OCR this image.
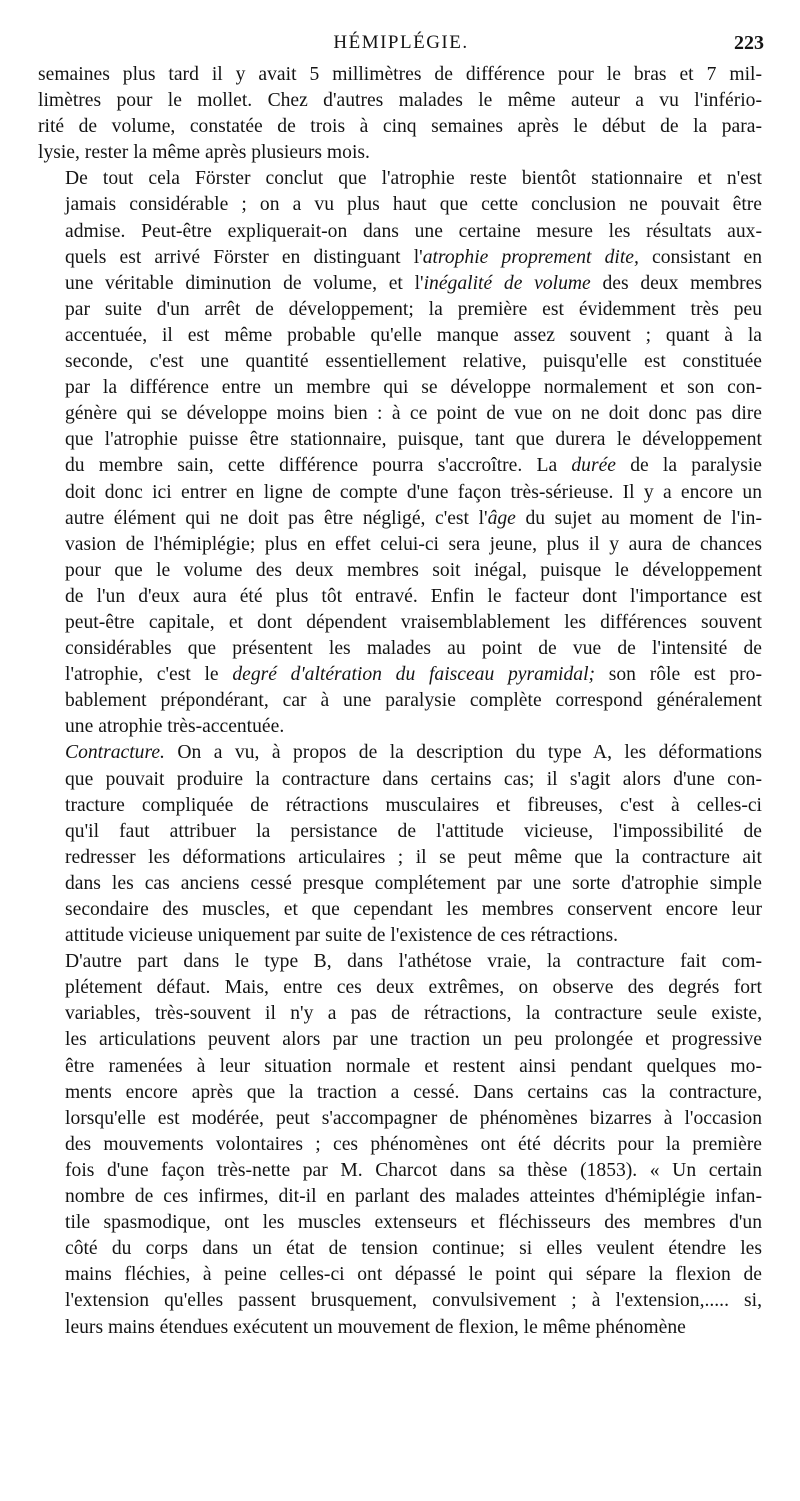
HÉMIPLÉGIE.	223

semaines plus tard il y avait 5 millimètres de différence pour le bras et 7 mil-
limètres pour le mollet. Chez d'autres malades le même auteur a vu l'infério-
rité de volume, constatée de trois à cinq semaines après le début de la para-
lysie, rester la même après plusieurs mois.

De tout cela Förster conclut que l'atrophie reste bientôt stationnaire et n'est
jamais considérable ; on a vu plus haut que cette conclusion ne pouvait être
admise. Peut-être expliquerait-on dans une certaine mesure les résultats aux-
quels est arrivé Förster en distinguant l'atrophie proprement dite, consistant en
une véritable diminution de volume, et l'inégalité de volume des deux membres
par suite d'un arrêt de développement; la première est évidemment très peu
accentuée, il est même probable qu'elle manque assez souvent ; quant à la
seconde, c'est une quantité essentiellement relative, puisqu'elle est constituée
par la différence entre un membre qui se développe normalement et son con-
génère qui se développe moins bien : à ce point de vue on ne doit donc pas dire
que l'atrophie puisse être stationnaire, puisque, tant que durera le développement
du membre sain, cette différence pourra s'accroître. La durée de la paralysie
doit donc ici entrer en ligne de compte d'une façon très-sérieuse. Il y a encore un
autre élément qui ne doit pas être négligé, c'est l'âge du sujet au moment de l'in-
vasion de l'hémiplégie; plus en effet celui-ci sera jeune, plus il y aura de chances
pour que le volume des deux membres soit inégal, puisque le développement
de l'un d'eux aura été plus tôt entravé. Enfin le facteur dont l'importance est
peut-être capitale, et dont dépendent vraisemblablement les différences souvent
considérables que présentent les malades au point de vue de l'intensité de
l'atrophie, c'est le degré d'altération du faisceau pyramidal; son rôle est pro-
bablement prépondérant, car à une paralysie complète correspond généralement
une atrophie très-accentuée.

Contracture. On a vu, à propos de la description du type A, les déformations
que pouvait produire la contracture dans certains cas; il s'agit alors d'une con-
tracture compliquée de rétractions musculaires et fibreuses, c'est à celles-ci
qu'il faut attribuer la persistance de l'attitude vicieuse, l'impossibilité de
redresser les déformations articulaires ; il se peut même que la contracture ait
dans les cas anciens cessé presque complétement par une sorte d'atrophie simple
secondaire des muscles, et que cependant les membres conservent encore leur
attitude vicieuse uniquement par suite de l'existence de ces rétractions.

D'autre part dans le type B, dans l'athétose vraie, la contracture fait com-
plétement défaut. Mais, entre ces deux extrêmes, on observe des degrés fort
variables, très-souvent il n'y a pas de rétractions, la contracture seule existe,
les articulations peuvent alors par une traction un peu prolongée et progressive
être ramenées à leur situation normale et restent ainsi pendant quelques mo-
ments encore après que la traction a cessé. Dans certains cas la contracture,
lorsqu'elle est modérée, peut s'accompagner de phénomènes bizarres à l'occasion
des mouvements volontaires ; ces phénomènes ont été décrits pour la première
fois d'une façon très-nette par M. Charcot dans sa thèse (1853). « Un certain
nombre de ces infirmes, dit-il en parlant des malades atteintes d'hémiplégie infan-
tile spasmodique, ont les muscles extenseurs et fléchisseurs des membres d'un
côté du corps dans un état de tension continue; si elles veulent étendre les
mains fléchies, à peine celles-ci ont dépassé le point qui sépare la flexion de
l'extension qu'elles passent brusquement, convulsivement ; à l'extension,..... si,
leurs mains étendues exécutent un mouvement de flexion, le même phénomène
